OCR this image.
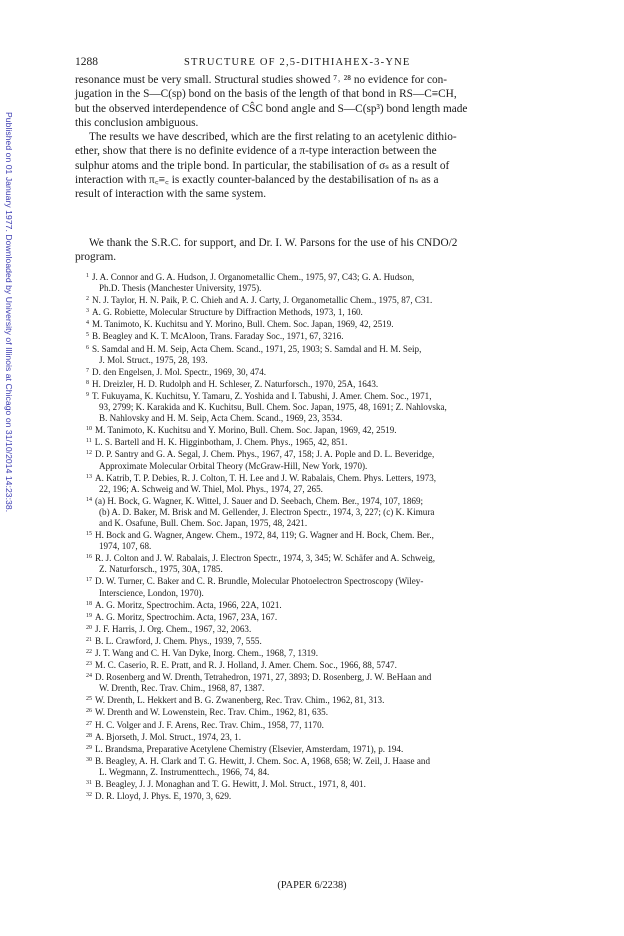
Published on 01 January 1977. Downloaded by University of Illinois at Chicago on 31/10/2014 14:23:38.
1288	STRUCTURE OF 2,5-DITHIAHEX-3-YNE
resonance must be very small. Structural studies showed ⁷˒ ²⁸ no evidence for con-
jugation in the S—C(sp) bond on the basis of the length of that bond in RS—C≡CH,
but the observed interdependence of CŜC bond angle and S—C(sp³) bond length made
this conclusion ambiguous.
The results we have described, which are the first relating to an acetylenic dithio-
ether, show that there is no definite evidence of a π-type interaction between the
sulphur atoms and the triple bond. In particular, the stabilisation of σₛ as a result of
interaction with π꜀≡꜀ is exactly counter-balanced by the destabilisation of nₛ as a
result of interaction with the same system.
We thank the S.R.C. for support, and Dr. I. W. Parsons for the use of his CNDO/2
program.
$^1$ J. A. Connor and G. A. Hudson, J. Organometallic Chem., 1975, 97, C43; G. A. Hudson,
Ph.D. Thesis (Manchester University, 1975).
$^2$ N. J. Taylor, H. N. Paik, P. C. Chieh and A. J. Carty, J. Organometallic Chem., 1975, 87, C31.
$^3$ A. G. Robiette, Molecular Structure by Diffraction Methods, 1973, 1, 160.
$^4$ M. Tanimoto, K. Kuchitsu and Y. Morino, Bull. Chem. Soc. Japan, 1969, 42, 2519.
$^5$ B. Beagley and K. T. McAloon, Trans. Faraday Soc., 1971, 67, 3216.
$^6$ S. Samdal and H. M. Seip, Acta Chem. Scand., 1971, 25, 1903; S. Samdal and H. M. Seip,
J. Mol. Struct., 1975, 28, 193.
$^7$ D. den Engelsen, J. Mol. Spectr., 1969, 30, 474.
$^8$ H. Dreizler, H. D. Rudolph and H. Schleser, Z. Naturforsch., 1970, 25A, 1643.
$^9$ T. Fukuyama, K. Kuchitsu, Y. Tamaru, Z. Yoshida and I. Tabushi, J. Amer. Chem. Soc., 1971,
93, 2799; K. Karakida and K. Kuchitsu, Bull. Chem. Soc. Japan, 1975, 48, 1691; Z. Nahlovska,
B. Nahlovsky and H. M. Seip, Acta Chem. Scand., 1969, 23, 3534.
$^{10}$ M. Tanimoto, K. Kuchitsu and Y. Morino, Bull. Chem. Soc. Japan, 1969, 42, 2519.
$^{11}$ L. S. Bartell and H. K. Higginbotham, J. Chem. Phys., 1965, 42, 851.
$^{12}$ D. P. Santry and G. A. Segal, J. Chem. Phys., 1967, 47, 158; J. A. Pople and D. L. Beveridge,
Approximate Molecular Orbital Theory (McGraw-Hill, New York, 1970).
$^{13}$ A. Katrib, T. P. Debies, R. J. Colton, T. H. Lee and J. W. Rabalais, Chem. Phys. Letters, 1973,
22, 196; A. Schweig and W. Thiel, Mol. Phys., 1974, 27, 265.
$^{14}$ (a) H. Bock, G. Wagner, K. Wittel, J. Sauer and D. Seebach, Chem. Ber., 1974, 107, 1869;
(b) A. D. Baker, M. Brisk and M. Gellender, J. Electron Spectr., 1974, 3, 227; (c) K. Kimura
and K. Osafune, Bull. Chem. Soc. Japan, 1975, 48, 2421.
$^{15}$ H. Bock and G. Wagner, Angew. Chem., 1972, 84, 119; G. Wagner and H. Bock, Chem. Ber.,
1974, 107, 68.
$^{16}$ R. J. Colton and J. W. Rabalais, J. Electron Spectr., 1974, 3, 345; W. Schäfer and A. Schweig,
Z. Naturforsch., 1975, 30A, 1785.
$^{17}$ D. W. Turner, C. Baker and C. R. Brundle, Molecular Photoelectron Spectroscopy (Wiley-
Interscience, London, 1970).
$^{18}$ A. G. Moritz, Spectrochim. Acta, 1966, 22A, 1021.
$^{19}$ A. G. Moritz, Spectrochim. Acta, 1967, 23A, 167.
$^{20}$ J. F. Harris, J. Org. Chem., 1967, 32, 2063.
$^{21}$ B. L. Crawford, J. Chem. Phys., 1939, 7, 555.
$^{22}$ J. T. Wang and C. H. Van Dyke, Inorg. Chem., 1968, 7, 1319.
$^{23}$ M. C. Caserio, R. E. Pratt, and R. J. Holland, J. Amer. Chem. Soc., 1966, 88, 5747.
$^{24}$ D. Rosenberg and W. Drenth, Tetrahedron, 1971, 27, 3893; D. Rosenberg, J. W. BeHaan and
W. Drenth, Rec. Trav. Chim., 1968, 87, 1387.
$^{25}$ W. Drenth, L. Hekkert and B. G. Zwanenberg, Rec. Trav. Chim., 1962, 81, 313.
$^{26}$ W. Drenth and W. Lowenstein, Rec. Trav. Chim., 1962, 81, 635.
$^{27}$ H. C. Volger and J. F. Arens, Rec. Trav. Chim., 1958, 77, 1170.
$^{28}$ A. Bjorseth, J. Mol. Struct., 1974, 23, 1.
$^{29}$ L. Brandsma, Preparative Acetylene Chemistry (Elsevier, Amsterdam, 1971), p. 194.
$^{30}$ B. Beagley, A. H. Clark and T. G. Hewitt, J. Chem. Soc. A, 1968, 658; W. Zeil, J. Haase and
L. Wegmann, Z. Instrumenttech., 1966, 74, 84.
$^{31}$ B. Beagley, J. J. Monaghan and T. G. Hewitt, J. Mol. Struct., 1971, 8, 401.
$^{32}$ D. R. Lloyd, J. Phys. E, 1970, 3, 629.
(PAPER 6/2238)
